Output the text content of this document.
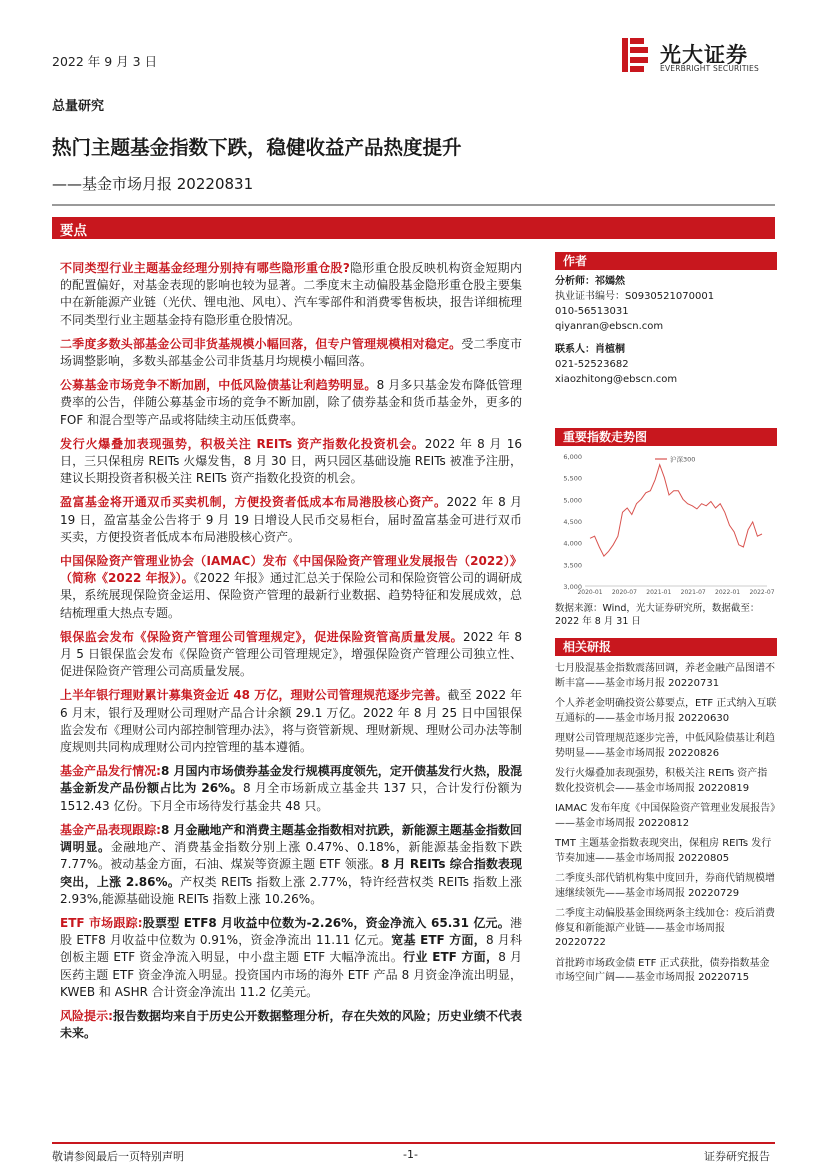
2022 年 9 月 3 日	光大证券
EVERBRIGHT SECURITIES
总量研究
热门主题基金指数下跌，稳健收益产品热度提升
——基金市场月报 20220831
要点

不同类型行业主题基金经理分别持有哪些隐形重仓股?隐形重仓股反映机构资金短期内的配置偏好，对基金表现的影响也较为显著。二季度末主动偏股基金隐形重仓股主要集中在新能源产业链（光伏、锂电池、风电）、汽车零部件和消费零售板块，报告详细梳理不同类型行业主题基金持有隐形重仓股情况。

二季度多数头部基金公司非货基规模小幅回落，但专户管理规模相对稳定。受二季度市场调整影响，多数头部基金公司非货基月均规模小幅回落。

公募基金市场竞争不断加剧，中低风险债基让利趋势明显。8 月多只基金发布降低管理费率的公告，伴随公募基金市场的竞争不断加剧，除了债券基金和货币基金外，更多的 FOF 和混合型等产品或将陆续主动压低费率。

发行火爆叠加表现强势，积极关注 REITs 资产指数化投资机会。2022 年 8 月 16 日，三只保租房 REITs 火爆发售，8 月 30 日，两只园区基础设施 REITs 被准予注册，建议长期投资者积极关注 REITs 资产指数化投资的机会。

盈富基金将开通双币买卖机制，方便投资者低成本布局港股核心资产。2022 年 8 月 19 日，盈富基金公告将于 9 月 19 日增设人民币交易柜台，届时盈富基金可进行双币买卖，方便投资者低成本布局港股核心资产。

中国保险资产管理业协会（IAMAC）发布《中国保险资产管理业发展报告（2022）》（简称《2022 年报》）。《2022 年报》通过汇总关于保险公司和保险资管公司的调研成果，系统展现保险资金运用、保险资产管理的最新行业数据、趋势特征和发展成效，总结梳理重大热点专题。

银保监会发布《保险资产管理公司管理规定》，促进保险资管高质量发展。2022 年 8 月 5 日银保监会发布《保险资产管理公司管理规定》，增强保险资产管理公司独立性、促进保险资产管理公司高质量发展。

上半年银行理财累计募集资金近 48 万亿，理财公司管理规范逐步完善。截至 2022 年 6 月末，银行及理财公司理财产品合计余额 29.1 万亿。2022 年 8 月 25 日中国银保监会发布《理财公司内部控制管理办法》，将与资管新规、理财新规、理财公司办法等制度规则共同构成理财公司内控管理的基本遵循。

基金产品发行情况:8 月国内市场债券基金发行规模再度领先，定开债基发行火热，股混基金新发产品份额占比为 26%。8 月全市场新成立基金共 137 只，合计发行份额为 1512.43 亿份。下月全市场待发行基金共 48 只。

基金产品表现跟踪:8 月金融地产和消费主题基金指数相对抗跌，新能源主题基金指数回调明显。金融地产、消费基金指数分别上涨 0.47%、0.18%，新能源基金指数下跌 7.77%。被动基金方面，石油、煤炭等资源主题 ETF 领涨。8 月 REITs 综合指数表现突出，上涨 2.86%。产权类 REITs 指数上涨 2.77%，特许经营权类 REITs 指数上涨 2.93%,能源基础设施 REITs 指数上涨 10.26%。

ETF 市场跟踪:股票型 ETF8 月收益中位数为-2.26%，资金净流入 65.31 亿元。港股 ETF8 月收益中位数为 0.91%，资金净流出 11.11 亿元。宽基 ETF 方面，8 月科创板主题 ETF 资金净流入明显，中小盘主题 ETF 大幅净流出。行业 ETF 方面，8 月医药主题 ETF 资金净流入明显。投资国内市场的海外 ETF 产品 8 月资金净流出明显，KWEB 和 ASHR 合计资金净流出 11.2 亿美元。

风险提示:报告数据均来自于历史公开数据整理分析，存在失效的风险；历史业绩不代表未来。

作者
分析师：祁嫣然
执业证书编号：S0930521070001
010-56513031
qiyanran@ebscn.com
联系人：肖植桐
021-52523682
xiaozhitong@ebscn.com
重要指数走势图
6,000
5,500
5,000
4,500
4,000
3,500
3,000
2020-01 2020-07 2021-01 2021-07 2022-01 2022-07
沪深300
数据来源：Wind，光大证券研究所，数据截至：2022 年 8 月 31 日
相关研报
七月股混基金指数震荡回调，养老金融产品图谱不断丰富——基金市场月报 20220731
个人养老金明确投资公募要点，ETF 正式纳入互联互通标的——基金市场月报 20220630
理财公司管理规范逐步完善，中低风险债基让利趋势明显——基金市场周报 20220826
发行火爆叠加表现强势，积极关注 REITs 资产指数化投资机会——基金市场周报 20220819
IAMAC 发布年度《中国保险资产管理业发展报告》——基金市场周报 20220812
TMT 主题基金指数表现突出，保租房 REITs 发行节奏加速——基金市场周报 20220805
二季度头部代销机构集中度回升，券商代销规模增速继续领先——基金市场周报 20220729
二季度主动偏股基金围绕两条主线加仓：疫后消费修复和新能源产业链——基金市场周报 20220722
首批跨市场政金债 ETF 正式获批，债券指数基金市场空间广阔——基金市场周报 20220715
敬请参阅最后一页特别声明	-1-	证券研究报告
